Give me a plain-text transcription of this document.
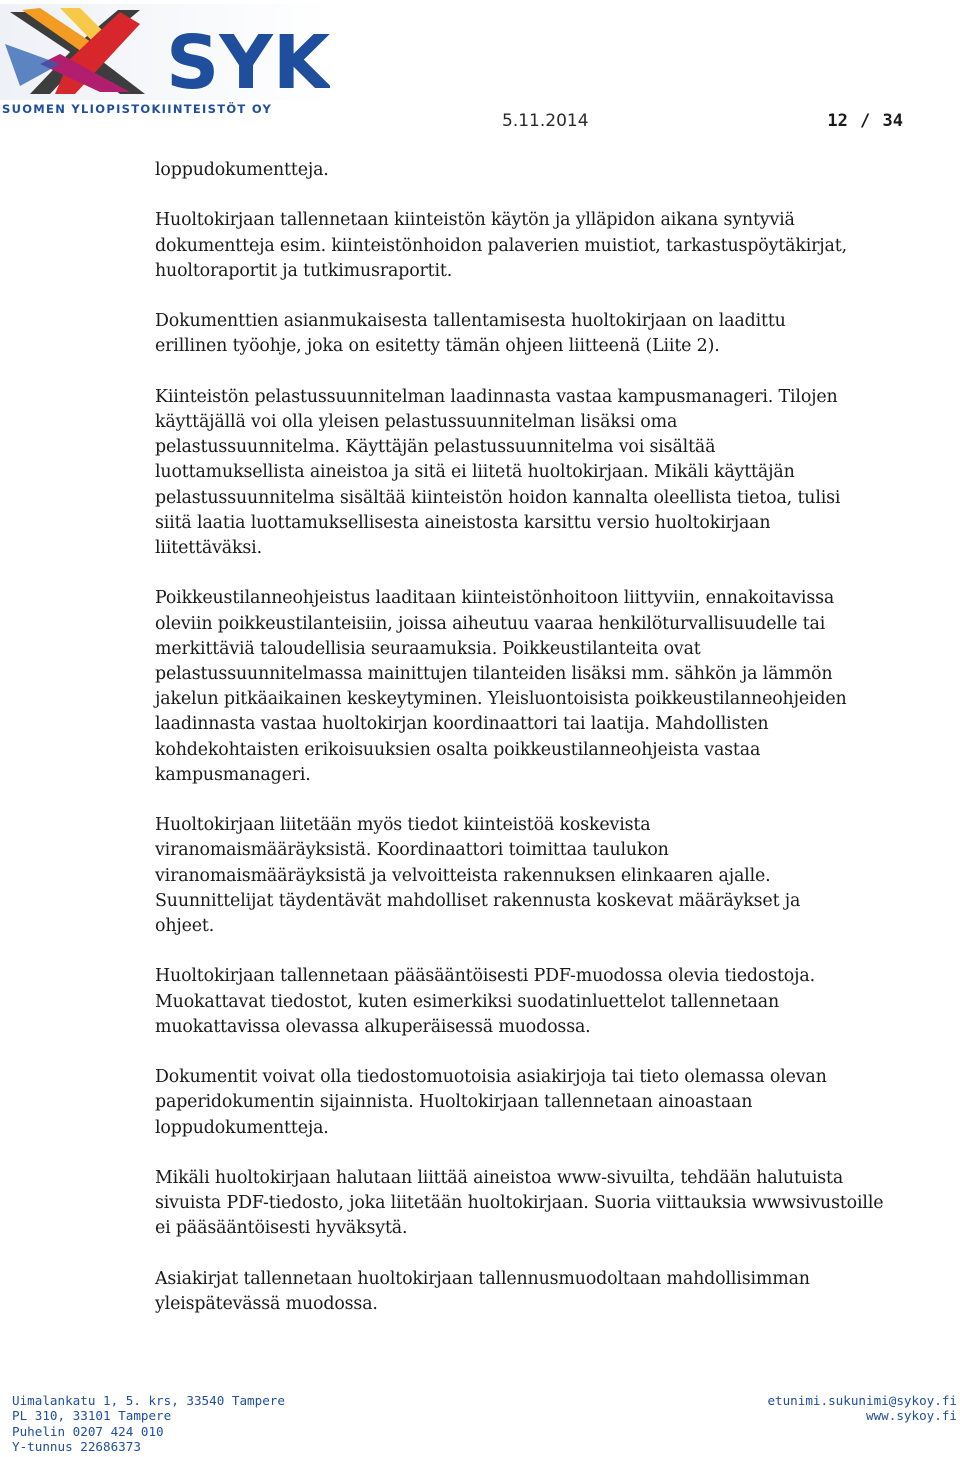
SYK
SUOMEN YLIOPISTOKIINTEISTÖT OY
5.11.2014	12 / 34

loppudokumentteja.

Huoltokirjaan tallennetaan kiinteistön käytön ja ylläpidon aikana syntyviä
dokumentteja esim. kiinteistönhoidon palaverien muistiot, tarkastuspöytäkirjat,
huoltoraportit ja tutkimusraportit.

Dokumenttien asianmukaisesta tallentamisesta huoltokirjaan on laadittu
erillinen työohje, joka on esitetty tämän ohjeen liitteenä (Liite 2).

Kiinteistön pelastussuunnitelman laadinnasta vastaa kampusmanageri. Tilojen
käyttäjällä voi olla yleisen pelastussuunnitelman lisäksi oma
pelastussuunnitelma. Käyttäjän pelastussuunnitelma voi sisältää
luottamuksellista aineistoa ja sitä ei liitetä huoltokirjaan. Mikäli käyttäjän
pelastussuunnitelma sisältää kiinteistön hoidon kannalta oleellista tietoa, tulisi
siitä laatia luottamuksellisesta aineistosta karsittu versio huoltokirjaan
liitettäväksi.

Poikkeustilanneohjeistus laaditaan kiinteistönhoitoon liittyviin, ennakoitavissa
oleviin poikkeustilanteisiin, joissa aiheutuu vaaraa henkilöturvallisuudelle tai
merkittäviä taloudellisia seuraamuksia. Poikkeustilanteita ovat
pelastussuunnitelmassa mainittujen tilanteiden lisäksi mm. sähkön ja lämmön
jakelun pitkäaikainen keskeytyminen. Yleisluontoisista poikkeustilanneohjeiden
laadinnasta vastaa huoltokirjan koordinaattori tai laatija. Mahdollisten
kohdekohtaisten erikoisuuksien osalta poikkeustilanneohjeista vastaa
kampusmanageri.

Huoltokirjaan liitetään myös tiedot kiinteistöä koskevista
viranomaismääräyksistä. Koordinaattori toimittaa taulukon
viranomaismääräyksistä ja velvoitteista rakennuksen elinkaaren ajalle.
Suunnittelijat täydentävät mahdolliset rakennusta koskevat määräykset ja
ohjeet.

Huoltokirjaan tallennetaan pääsääntöisesti PDF-muodossa olevia tiedostoja.
Muokattavat tiedostot, kuten esimerkiksi suodatinluettelot tallennetaan
muokattavissa olevassa alkuperäisessä muodossa.

Dokumentit voivat olla tiedostomuotoisia asiakirjoja tai tieto olemassa olevan
paperidokumentin sijainnista. Huoltokirjaan tallennetaan ainoastaan
loppudokumentteja.

Mikäli huoltokirjaan halutaan liittää aineistoa www-sivuilta, tehdään halutuista
sivuista PDF-tiedosto, joka liitetään huoltokirjaan. Suoria viittauksia wwwsivustoille
ei pääsääntöisesti hyväksytä.

Asiakirjat tallennetaan huoltokirjaan tallennusmuodoltaan mahdollisimman
yleispätevässä muodossa.

Uimalankatu 1, 5. krs, 33540 Tampere
PL 310, 33101 Tampere
Puhelin 0207 424 010
Y-tunnus 22686373
etunimi.sukunimi@sykoy.fi
www.sykoy.fi
